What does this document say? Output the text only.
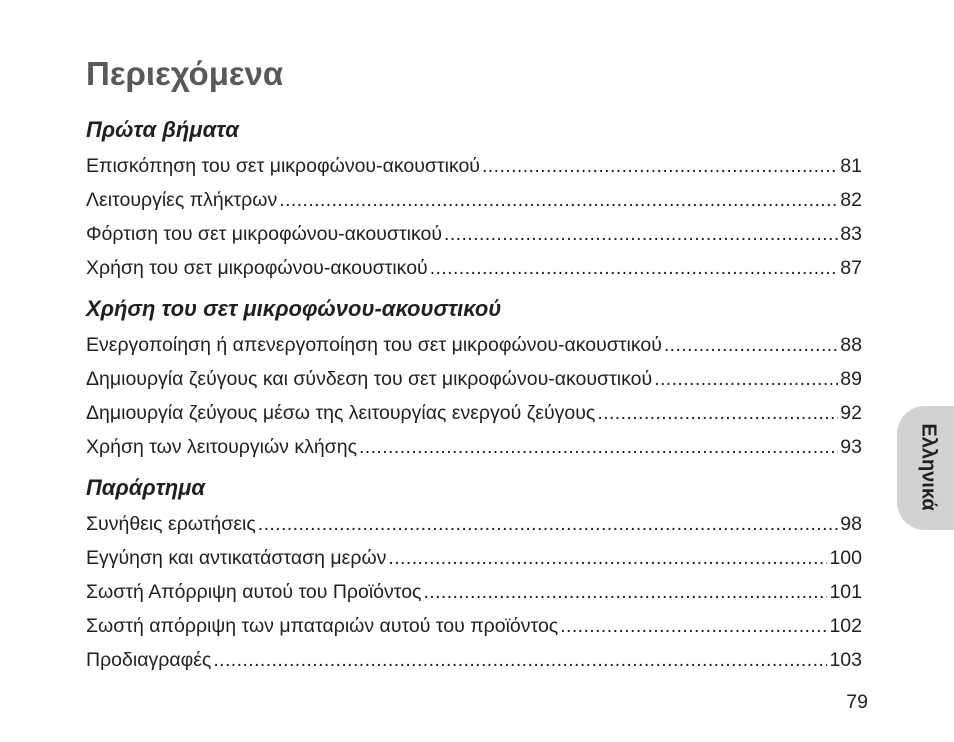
Περιεχόμενα
Πρώτα βήματα
Επισκόπηση του σετ μικροφώνου-ακουστικού .....	81
Λειτουργίες πλήκτρων .....	82
Φόρτιση του σετ μικροφώνου-ακουστικού .....	83
Χρήση του σετ μικροφώνου-ακουστικού .....	87
Χρήση του σετ μικροφώνου-ακουστικού
Ενεργοποίηση ή απενεργοποίηση του σετ μικροφώνου-ακουστικού .....	88
Δημιουργία ζεύγους και σύνδεση του σετ μικροφώνου-ακουστικού .....	89
Δημιουργία ζεύγους μέσω της λειτουργίας ενεργού ζεύγους .....	92
Χρήση των λειτουργιών κλήσης .....	93
Παράρτημα
Συνήθεις ερωτήσεις .....	98
Εγγύηση και αντικατάσταση μερών .....	100
Σωστή Απόρριψη αυτού του Προϊόντος .....	101
Σωστή απόρριψη των μπαταριών αυτού του προϊόντος .....	102
Προδιαγραφές .....	103
Ελληνικά
79
